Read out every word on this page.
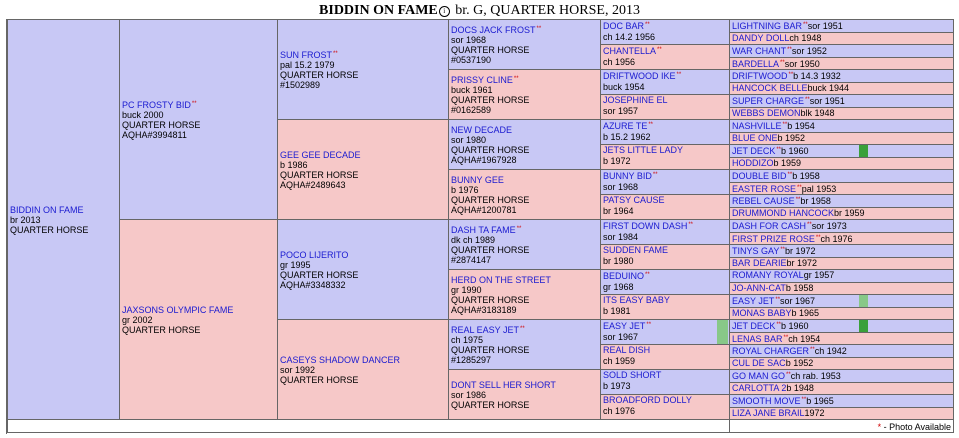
BIDDIN ON FAME i br. G, QUARTER HORSE, 2013
BIDDIN ON FAME
br 2013
QUARTER HORSE
PC FROSTY BID**
buck 2000
QUARTER HORSE
AQHA#3994811
JAXSONS OLYMPIC FAME
gr 2002
QUARTER HORSE
SUN FROST**
pal 15.2 1979
QUARTER HORSE
#1502989
GEE GEE DECADE
b 1986
QUARTER HORSE
AQHA#2489643
POCO LIJERITO
gr 1995
QUARTER HORSE
AQHA#3348332
CASEYS SHADOW DANCER
sor 1992
QUARTER HORSE
DOCS JACK FROST**
sor 1968
QUARTER HORSE
#0537190
PRISSY CLINE**
buck 1961
QUARTER HORSE
#0162589
NEW DECADE
sor 1980
QUARTER HORSE
AQHA#1967928
BUNNY GEE
b 1976
QUARTER HORSE
AQHA#1200781
DASH TA FAME**
dk ch 1989
QUARTER HORSE
#2874147
HERD ON THE STREET
gr 1990
QUARTER HORSE
AQHA#3183189
REAL EASY JET**
ch 1975
QUARTER HORSE
#1285297
DONT SELL HER SHORT
sor 1986
QUARTER HORSE
DOC BAR**
ch 14.2 1956
CHANTELLA**
ch 1956
DRIFTWOOD IKE**
buck 1954
JOSEPHINE EL
sor 1957
AZURE TE**
b 15.2 1962
JETS LITTLE LADY
b 1972
BUNNY BID**
sor 1968
PATSY CAUSE
br 1964
FIRST DOWN DASH**
sor 1984
SUDDEN FAME
br 1980
BEDUINO**
gr 1968
ITS EASY BABY
b 1981
EASY JET**
sor 1967
REAL DISH
ch 1959
SOLD SHORT
b 1973
BROADFORD DOLLY
ch 1976
LIGHTNING BAR**sor 1951
DANDY DOLLch 1948
WAR CHANT**sor 1952
BARDELLA**sor 1950
DRIFTWOOD**b 14.3 1932
HANCOCK BELLEbuck 1944
SUPER CHARGE**sor 1951
WEBBS DEMONblk 1948
NASHVILLE**b 1954
BLUE ONEb 1952
JET DECK**b 1960
HODDIZOb 1959
DOUBLE BID**b 1958
EASTER ROSE**pal 1953
REBEL CAUSE**br 1958
DRUMMOND HANCOCKbr 1959
DASH FOR CASH**sor 1973
FIRST PRIZE ROSE**ch 1976
TINYS GAY**br 1972
BAR DEARIEbr 1972
ROMANY ROYALgr 1957
JO-ANN-CATb 1958
EASY JET**sor 1967
MONAS BABYb 1965
JET DECK**b 1960
LENAS BAR**ch 1954
ROYAL CHARGER**ch 1942
CUL DE SACb 1952
GO MAN GO**ch rab. 1953
CARLOTTA 2b 1948
SMOOTH MOVE**b 1965
LIZA JANE BRAIL1972
* - Photo Available
